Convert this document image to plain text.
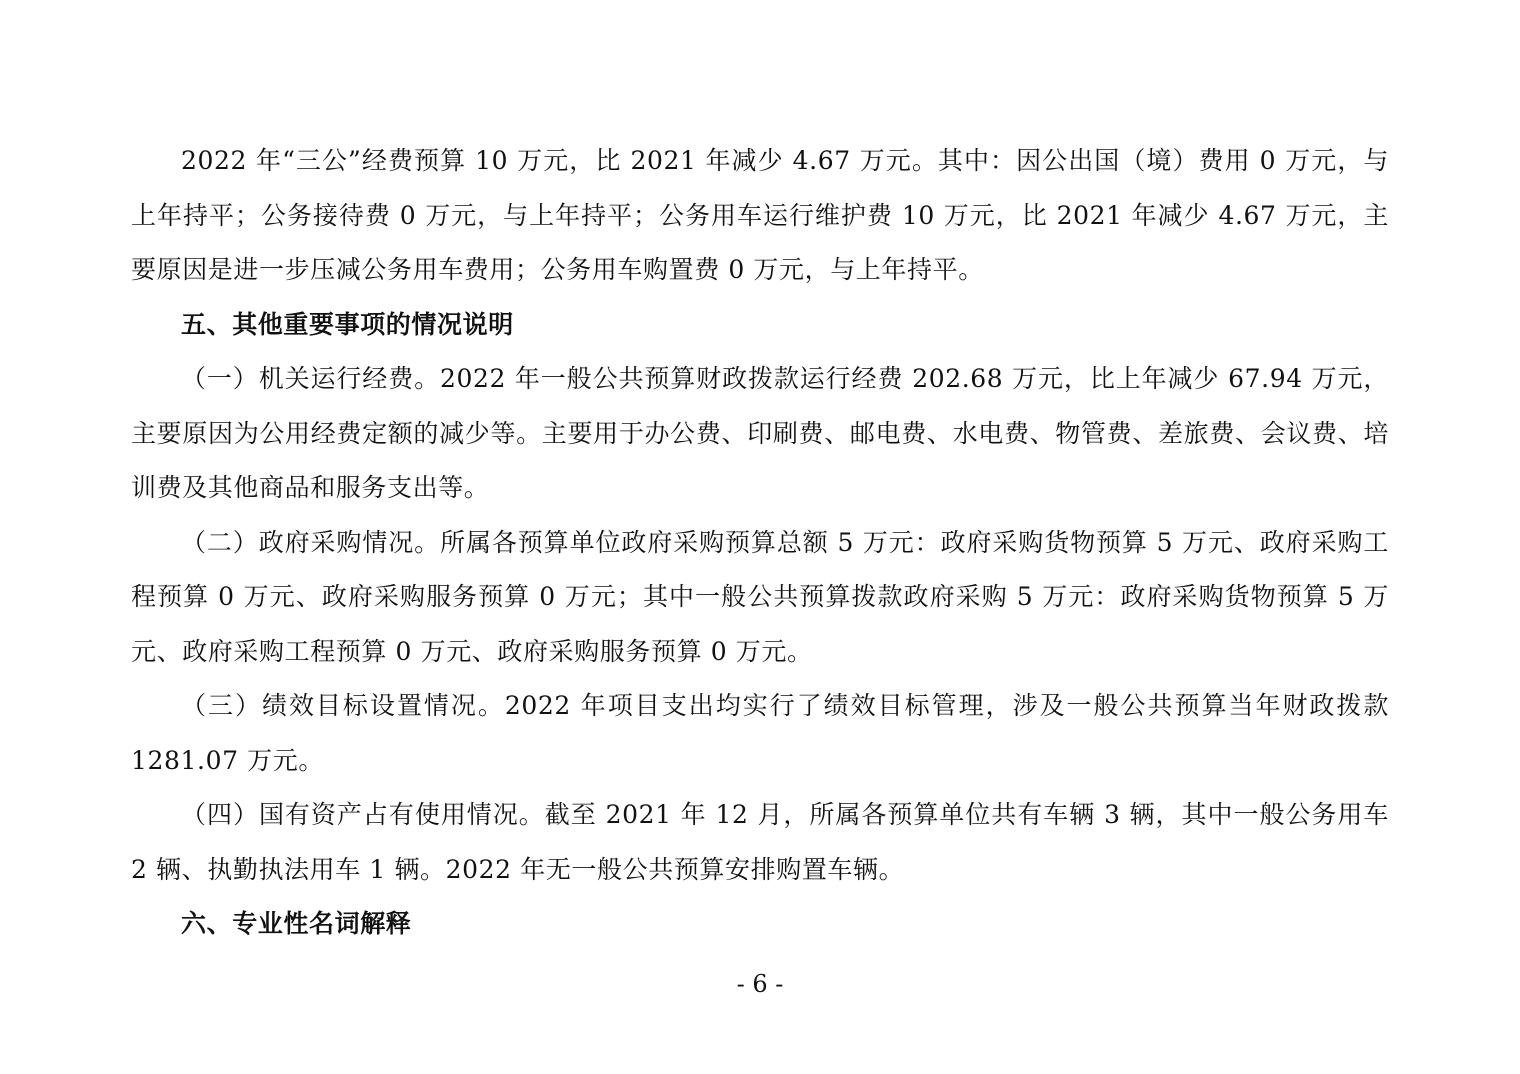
2022 年“三公”经费预算 10 万元，比 2021 年减少 4.67 万元。其中：因公出国（境）费用 0 万元，与上年持平；公务接待费 0 万元，与上年持平；公务用车运行维护费 10 万元，比 2021 年减少 4.67 万元，主要原因是进一步压减公务用车费用；公务用车购置费 0 万元，与上年持平。

五、其他重要事项的情况说明

（一）机关运行经费。2022 年一般公共预算财政拨款运行经费 202.68 万元，比上年减少 67.94 万元，主要原因为公用经费定额的减少等。主要用于办公费、印刷费、邮电费、水电费、物管费、差旅费、会议费、培训费及其他商品和服务支出等。

（二）政府采购情况。所属各预算单位政府采购预算总额 5 万元：政府采购货物预算 5 万元、政府采购工程预算 0 万元、政府采购服务预算 0 万元；其中一般公共预算拨款政府采购 5 万元：政府采购货物预算 5 万元、政府采购工程预算 0 万元、政府采购服务预算 0 万元。

（三）绩效目标设置情况。2022 年项目支出均实行了绩效目标管理，涉及一般公共预算当年财政拨款 1281.07 万元。

（四）国有资产占有使用情况。截至 2021 年 12 月，所属各预算单位共有车辆 3 辆，其中一般公务用车 2 辆、执勤执法用车 1 辆。2022 年无一般公共预算安排购置车辆。

六、专业性名词解释

- 6 -
